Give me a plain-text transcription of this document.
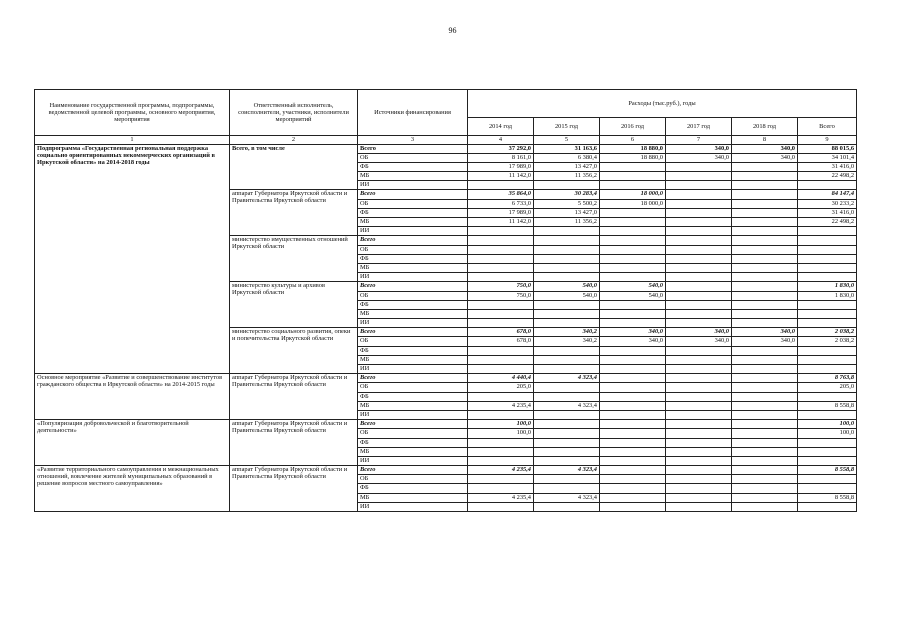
96
Наименование государственной программы, подпрограммы, ведомственной целевой программы, основного мероприятия, мероприятия	Ответственный исполнитель, соисполнители, участники, исполнители мероприятий	Источники финансирования	Расходы (тыс.руб.), годы					
			2014 год	2015 год	2016 год	2017 год	2018 год	Всего
1	2	3	4	5	6	7	8	9
Подпрограмма «Государственная региональная поддержка социально ориентированных некоммерческих организаций в Иркутской области» на 2014-2018 годы	Всего, в том числе	Всего	37 292,0	31 163,6	18 880,0	340,0	340,0	88 015,6
		ОБ	8 161,0	6 380,4	18 880,0	340,0	340,0	34 101,4
		ФБ	17 989,0	13 427,0				31 416,0
		МБ	11 142,0	11 356,2				22 498,2
		ИИ						
	аппарат Губернатора Иркутской области и Правительства Иркутской области	Всего	35 864,0	30 283,4	18 000,0			84 147,4
		ОБ	6 733,0	5 500,2	18 000,0			30 233,2
		ФБ	17 989,0	13 427,0				31 416,0
		МБ	11 142,0	11 356,2				22 498,2
		ИИ						
	министерство имущественных отношений Иркутской области	Всего						
		ОБ						
		ФБ						
		МБ						
		ИИ						
	министерство культуры и архивов Иркутской области	Всего	750,0	540,0	540,0			1 830,0
		ОБ	750,0	540,0	540,0			1 830,0
		ФБ						
		МБ						
		ИИ						
	министерство социального развития, опеки и попечительства Иркутской области	Всего	678,0	340,2	340,0	340,0	340,0	2 038,2
		ОБ	678,0	340,2	340,0	340,0	340,0	2 038,2
		ФБ						
		МБ						
		ИИ						
Основное мероприятие «Развитие и совершенствование институтов гражданского общества в Иркутской области» на 2014-2015 годы	аппарат Губернатора Иркутской области и Правительства Иркутской области	Всего	4 440,4	4 323,4				8 763,8
		ОБ	205,0					205,0
		ФБ						
		МБ	4 235,4	4 323,4				8 558,8
		ИИ						
«Популяризация добровольческой и благотворительной деятельности»	аппарат Губернатора Иркутской области и Правительства Иркутской области	Всего	100,0					100,0
		ОБ	100,0					100,0
		ФБ						
		МБ						
		ИИ						
«Развитие территориального самоуправления и межнациональных отношений, вовлечение жителей муниципальных образований в решение вопросов местного самоуправления»	аппарат Губернатора Иркутской области и Правительства Иркутской области	Всего	4 235,4	4 323,4				8 558,8
		ОБ						
		ФБ						
		МБ	4 235,4	4 323,4				8 558,8
		ИИ						
